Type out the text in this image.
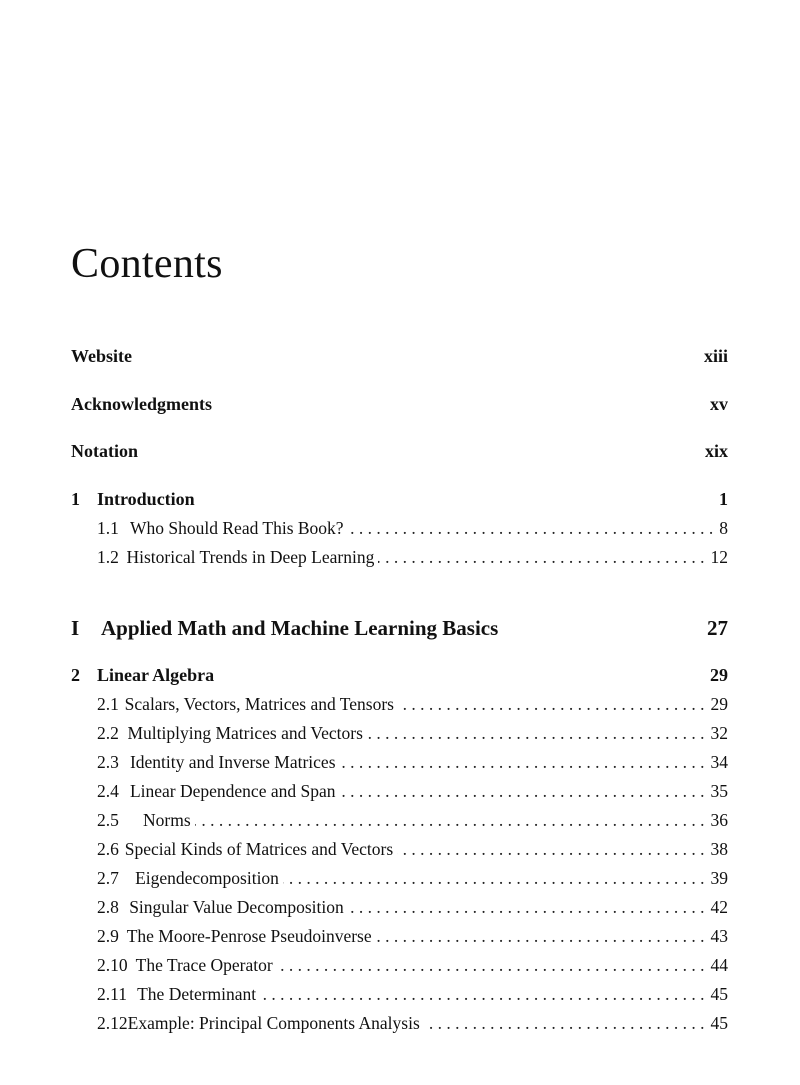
Contents
Website	xiii
Acknowledgments	xv
Notation	xix
1 Introduction	1
1.1 Who Should Read This Book? . . .	8
1.2 Historical Trends in Deep Learning . . .	12
I	Applied Math and Machine Learning Basics	27
2 Linear Algebra	29
2.1 Scalars, Vectors, Matrices and Tensors . . .	29
2.2 Multiplying Matrices and Vectors . . .	32
2.3 Identity and Inverse Matrices . . .	34
2.4 Linear Dependence and Span . . .	35
2.5	Norms . . .	36
2.6 Special Kinds of Matrices and Vectors . . .	38
2.7 Eigendecomposition . . .	39
2.8 Singular Value Decomposition . . .	42
2.9 The Moore-Penrose Pseudoinverse . . .	43
2.10 The Trace Operator . . .	44
2.11 The Determinant . . .	45
2.12 Example: Principal Components Analysis . . .	45
